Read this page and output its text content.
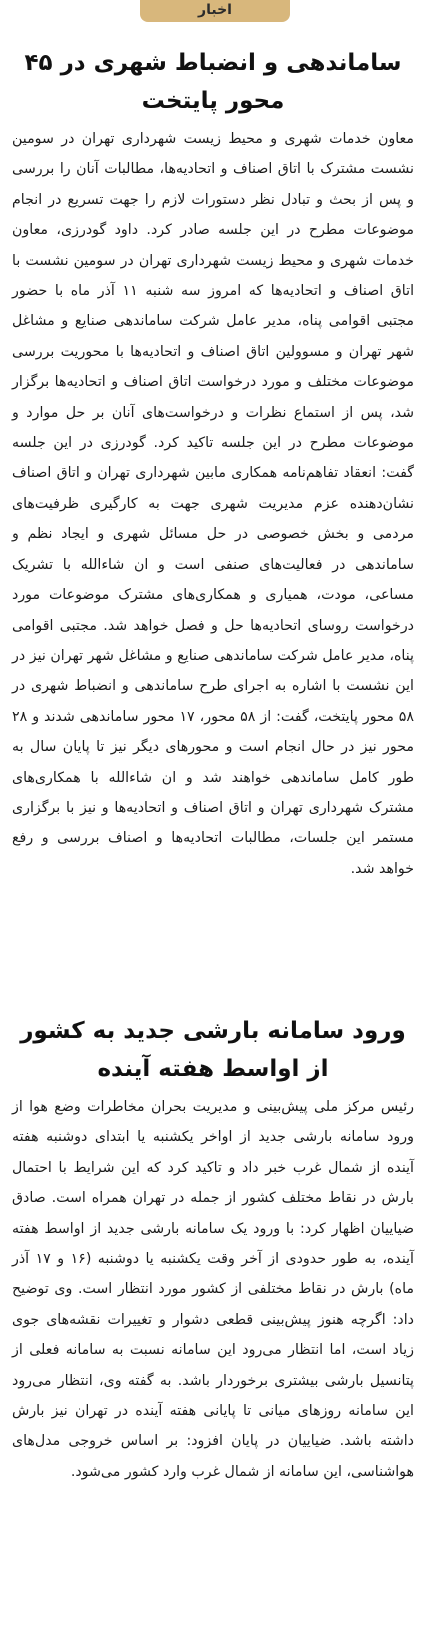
اخبار
ساماندهی و انضباط شهری در ۴۵ محور پایتخت

معاون خدمات شهری و محیط زیست شهرداری تهران در سومین نشست مشترک با اتاق اصناف و اتحادیه‌ها، مطالبات آنان را بررسی و پس از بحث و تبادل نظر دستورات لازم را جهت تسریع در انجام موضوعات مطرح در این جلسه صادر کرد. داود گودرزی، معاون خدمات شهری و محیط زیست شهرداری تهران در سومین نشست با اتاق اصناف و اتحادیه‌ها که امروز سه شنبه ۱۱ آذر ماه با حضور مجتبی اقوامی پناه، مدیر عامل شرکت ساماندهی صنایع و مشاغل شهر تهران و مسوولین اتاق اصناف و اتحادیه‌ها با محوریت بررسی موضوعات مختلف و مورد درخواست اتاق اصناف و اتحادیه‌ها برگزار شد، پس از استماع نظرات و درخواست‌های آنان بر حل موارد و موضوعات مطرح در این جلسه تاکید کرد. گودرزی در این جلسه گفت: انعقاد تفاهم‌نامه همکاری مابین شهرداری تهران و اتاق اصناف نشان‌دهنده عزم مدیریت شهری جهت به کارگیری ظرفیت‌های مردمی و بخش خصوصی در حل مسائل شهری و ایجاد نظم و ساماندهی در فعالیت‌های صنفی است و ان شاءالله با تشریک مساعی، مودت، همیاری و همکاری‌های مشترک موضوعات مورد درخواست روسای اتحادیه‌ها حل و فصل خواهد شد. مجتبی اقوامی پناه، مدیر عامل شرکت ساماندهی صنایع و مشاغل شهر تهران نیز در این نشست با اشاره به اجرای طرح ساماندهی و انضباط شهری در ۵۸ محور پایتخت، گفت: از ۵۸ محور، ۱۷ محور ساماندهی شدند و ۲۸ محور نیز در حال انجام است و محورهای دیگر نیز تا پایان سال به طور کامل ساماندهی خواهند شد و ان شاءالله با همکاری‌های مشترک شهرداری تهران و اتاق اصناف و اتحادیه‌ها و نیز با برگزاری مستمر این جلسات، مطالبات اتحادیه‌ها و اصناف بررسی و رفع خواهد شد.

ورود سامانه بارشی جدید به کشور از اواسط هفته آینده

رئیس مرکز ملی پیش‌بینی و مدیریت بحران مخاطرات وضع هوا از ورود سامانه بارشی جدید از اواخر یکشنبه یا ابتدای دوشنبه هفته آینده از شمال غرب خبر داد و تاکید کرد که این شرایط با احتمال بارش در نقاط مختلف کشور از جمله در تهران همراه است. صادق ضیاییان اظهار کرد: با ورود یک سامانه بارشی جدید از اواسط هفته آینده، به طور حدودی از آخر وقت یکشنبه یا دوشنبه (۱۶ و ۱۷ آذر ماه) بارش در نقاط مختلفی از کشور مورد انتظار است. وی توضیح داد: اگرچه هنوز پیش‌بینی قطعی دشوار و تغییرات نقشه‌های جوی زیاد است، اما انتظار می‌رود این سامانه نسبت به سامانه فعلی از پتانسیل بارشی بیشتری برخوردار باشد. به گفته وی، انتظار می‌رود این سامانه روزهای میانی تا پایانی هفته آینده در تهران نیز بارش داشته باشد. ضیاییان در پایان افزود: بر اساس خروجی مدل‌های هواشناسی، این سامانه از شمال غرب وارد کشور می‌شود.
